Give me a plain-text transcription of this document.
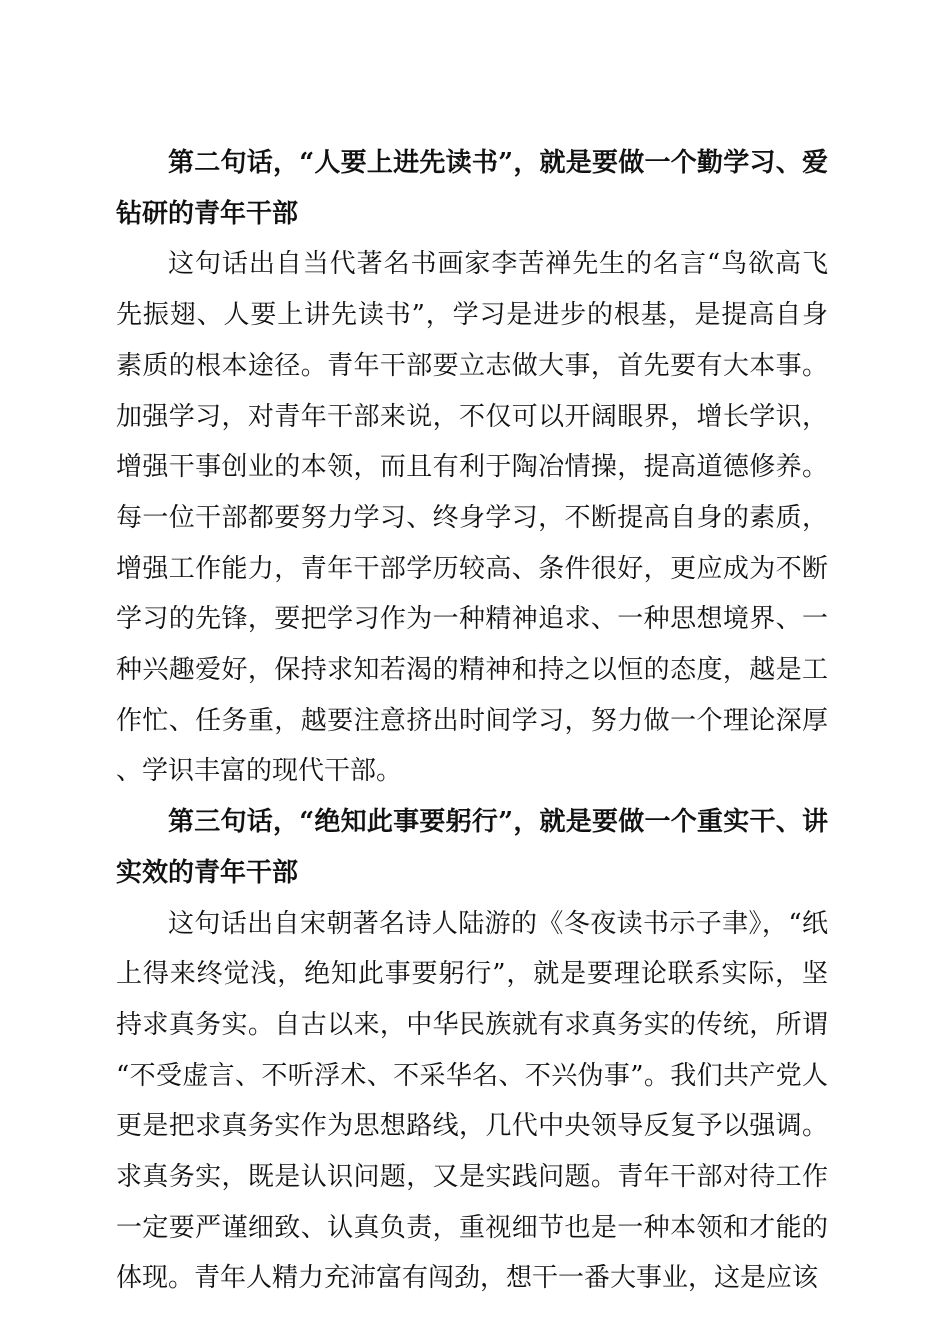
第二句话，“人要上进先读书”，就是要做一个勤学习、爱钻研的青年干部

这句话出自当代著名书画家李苦禅先生的名言“鸟欲高飞先振翅、人要上讲先读书”，学习是进步的根基，是提高自身素质的根本途径。青年干部要立志做大事，首先要有大本事。加强学习，对青年干部来说，不仅可以开阔眼界，增长学识，增强干事创业的本领，而且有利于陶冶情操，提高道德修养。每一位干部都要努力学习、终身学习，不断提高自身的素质，增强工作能力，青年干部学历较高、条件很好，更应成为不断学习的先锋，要把学习作为一种精神追求、一种思想境界、一种兴趣爱好，保持求知若渴的精神和持之以恒的态度，越是工作忙、任务重，越要注意挤出时间学习，努力做一个理论深厚、学识丰富的现代干部。

第三句话，“绝知此事要躬行”，就是要做一个重实干、讲实效的青年干部

这句话出自宋朝著名诗人陆游的《冬夜读书示子聿》，“纸上得来终觉浅，绝知此事要躬行”，就是要理论联系实际，坚持求真务实。自古以来，中华民族就有求真务实的传统，所谓“不受虚言、不听浮术、不采华名、不兴伪事”。我们共产党人更是把求真务实作为思想路线，几代中央领导反复予以强调。求真务实，既是认识问题，又是实践问题。青年干部对待工作一定要严谨细致、认真负责，重视细节也是一种本领和才能的体现。青年人精力充沛富有闯劲，想干一番大事业，这是应该
